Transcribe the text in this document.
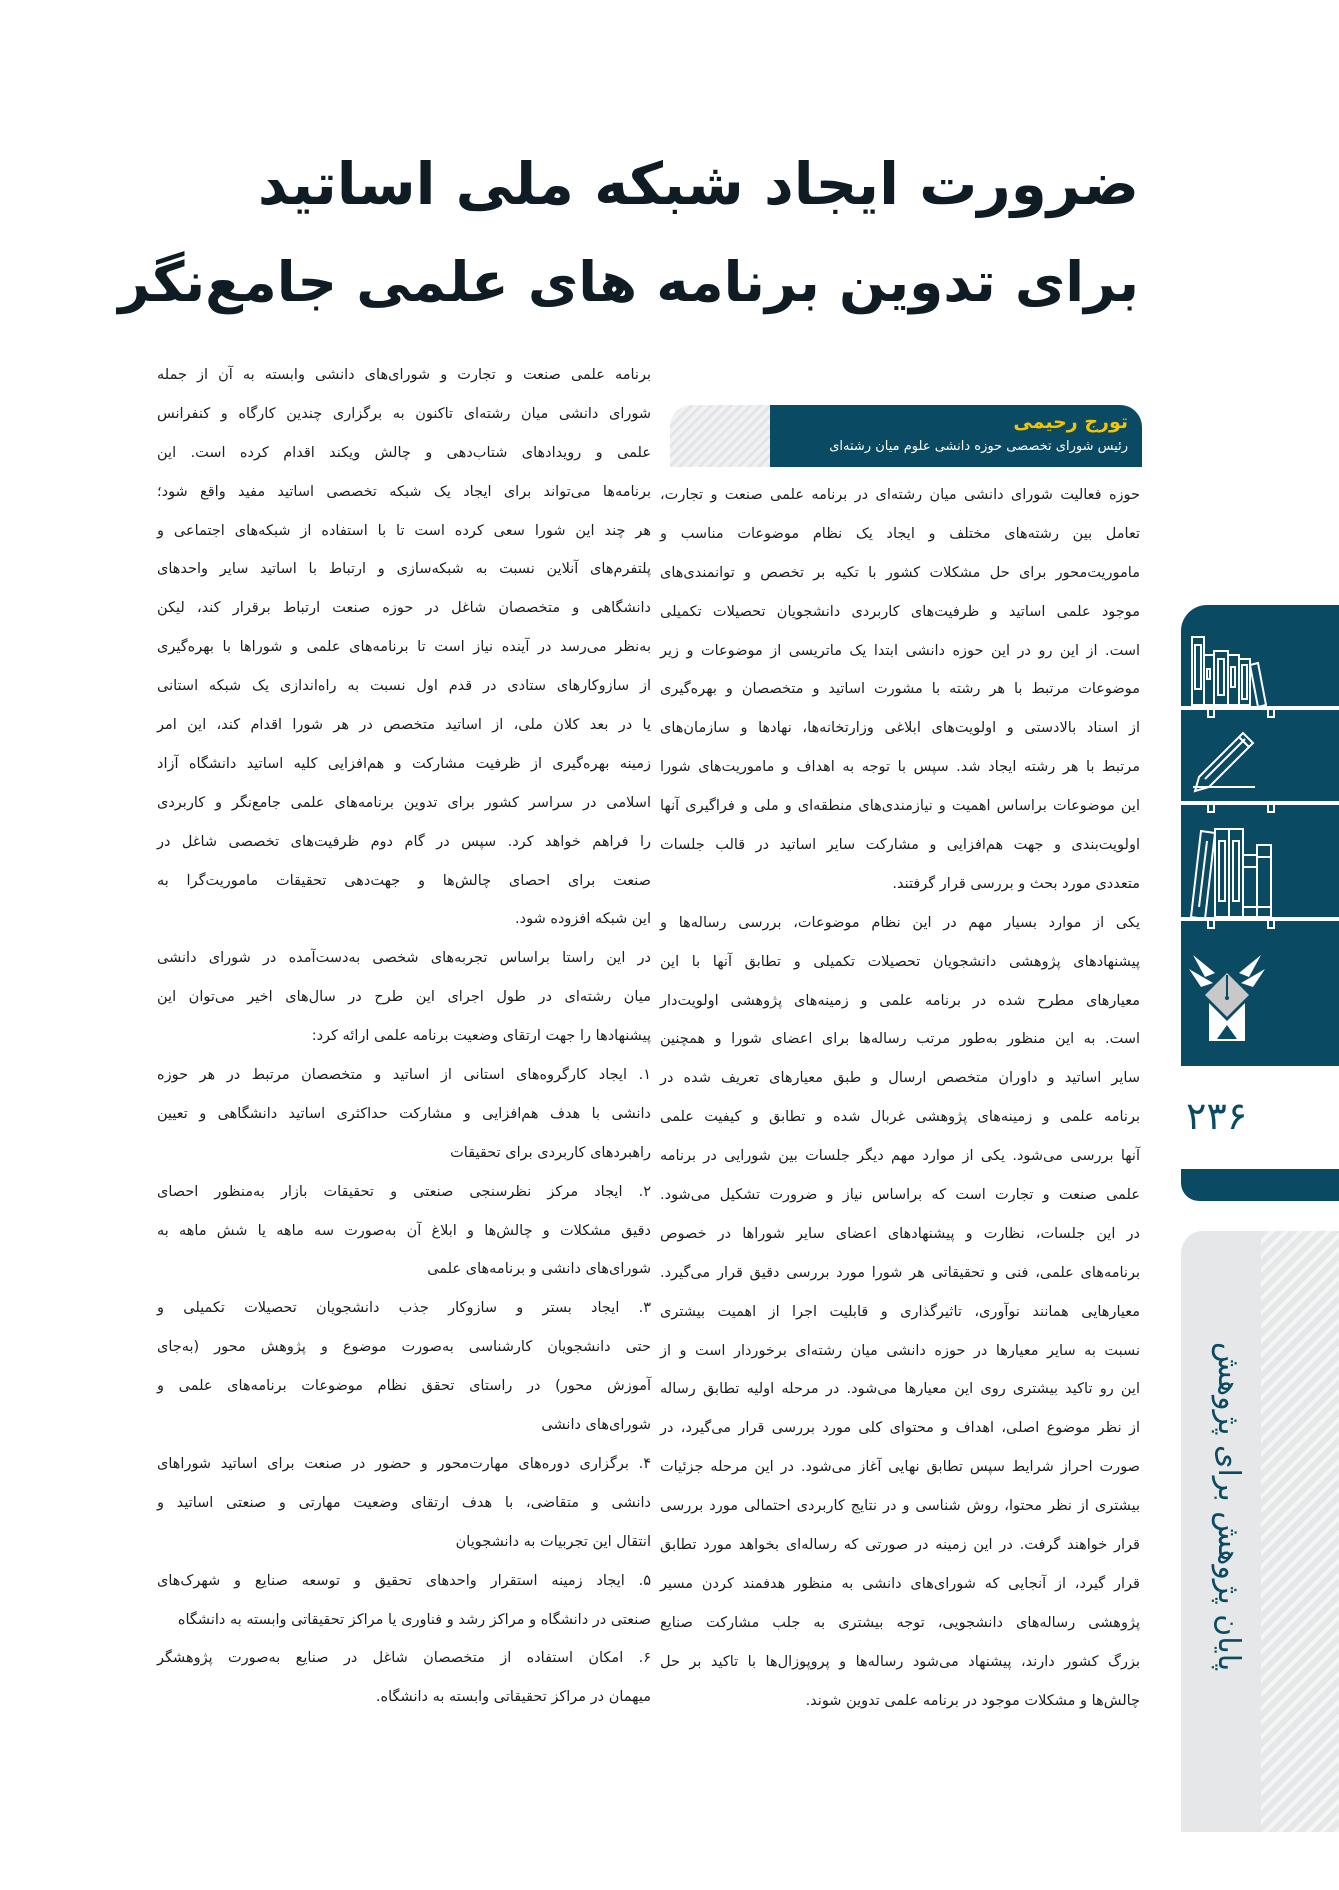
ضرورت ایجاد شبکه ملی اساتید
برای تدوین برنامه های علمی جامع‌نگر
تورج رحیمی
رئیس شورای تخصصی حوزه دانشی علوم میان رشته‌ای
حوزه فعالیت شورای دانشی میان رشته‌ای در برنامه علمی صنعت و تجارت،
تعامل بین رشته‌های مختلف و ایجاد یک نظام موضوعات مناسب و
ماموریت‌محور برای حل مشکلات کشور با تکیه بر تخصص و توانمندی‌های
موجود علمی اساتید و ظرفیت‌های کاربردی دانشجویان تحصیلات تکمیلی
است. از این رو در این حوزه دانشی ابتدا یک ماتریسی از موضوعات و زیر
موضوعات مرتبط با هر رشته با مشورت اساتید و متخصصان و بهره‌گیری
از اسناد بالادستی و اولویت‌های ابلاغی وزارتخانه‌ها، نهادها و سازمان‌های
مرتبط با هر رشته ایجاد شد. سپس با توجه به اهداف و ماموریت‌های شورا
این موضوعات براساس اهمیت و نیازمندی‌های منطقه‌ای و ملی و فراگیری آنها
اولویت‌بندی و جهت هم‌افزایی و مشارکت سایر اساتید در قالب جلسات
متعددی مورد بحث و بررسی قرار گرفتند.
یکی از موارد بسیار مهم در این نظام موضوعات، بررسی رساله‌ها و
پیشنهادهای پژوهشی دانشجویان تحصیلات تکمیلی و تطابق آنها با این
معیارهای مطرح شده در برنامه علمی و زمینه‌های پژوهشی اولویت‌دار
است. به این منظور به‌طور مرتب رساله‌ها برای اعضای شورا و همچنین
سایر اساتید و داوران متخصص ارسال و طبق معیارهای تعریف شده در
برنامه علمی و زمینه‌های پژوهشی غربال شده و تطابق و کیفیت علمی
آنها بررسی می‌شود. یکی از موارد مهم دیگر جلسات بین شورایی در برنامه
علمی صنعت و تجارت است که براساس نیاز و ضرورت تشکیل می‌شود.
در این جلسات، نظارت و پیشنهادهای اعضای سایر شوراها در خصوص
برنامه‌های علمی، فنی و تحقیقاتی هر شورا مورد بررسی دقیق قرار می‌گیرد.
معیارهایی همانند نوآوری، تاثیرگذاری و قابلیت اجرا از اهمیت بیشتری
نسبت به سایر معیارها در حوزه دانشی میان رشته‌ای برخوردار است و از
این رو تاکید بیشتری روی این معیارها می‌شود. در مرحله اولیه تطابق رساله
از نظر موضوع اصلی، اهداف و محتوای کلی مورد بررسی قرار می‌گیرد، در
صورت احراز شرایط سپس تطابق نهایی آغاز می‌شود. در این مرحله جزئیات
بیشتری از نظر محتوا، روش شناسی و در نتایج کاربردی احتمالی مورد بررسی
قرار خواهند گرفت. در این زمینه در صورتی که رساله‌ای بخواهد مورد تطابق
قرار گیرد، از آنجایی که شورای‌های دانشی به منظور هدفمند کردن مسیر
پژوهشی رساله‌های دانشجویی، توجه بیشتری به جلب مشارکت صنایع
بزرگ کشور دارند، پیشنهاد می‌شود رساله‌ها و پروپوزال‌ها با تاکید بر حل
چالش‌ها و مشکلات موجود در برنامه علمی تدوین شوند.
برنامه علمی صنعت و تجارت و شورای‌های دانشی وابسته به آن از جمله
شورای دانشی میان رشته‌ای تاکنون به برگزاری چندین کارگاه و کنفرانس
علمی و رویدادهای شتاب‌دهی و چالش ویکند اقدام کرده است. این
برنامه‌ها می‌تواند برای ایجاد یک شبکه تخصصی اساتید مفید واقع شود؛
هر چند این شورا سعی کرده است تا با استفاده از شبکه‌های اجتماعی و
پلتفرم‌های آنلاین نسبت به شبکه‌سازی و ارتباط با اساتید سایر واحدهای
دانشگاهی و متخصصان شاغل در حوزه صنعت ارتباط برقرار کند، لیکن
به‌نظر می‌رسد در آینده نیاز است تا برنامه‌های علمی و شوراها با بهره‌گیری
از سازوکارهای ستادی در قدم اول نسبت به راه‌اندازی یک شبکه استانی
یا در بعد کلان ملی، از اساتید متخصص در هر شورا اقدام کند، این امر
زمینه بهره‌گیری از ظرفیت مشارکت و هم‌افزایی کلیه اساتید دانشگاه آزاد
اسلامی در سراسر کشور برای تدوین برنامه‌های علمی جامع‌نگر و کاربردی
را فراهم خواهد کرد. سپس در گام دوم ظرفیت‌های تخصصی شاغل در
صنعت برای احصای چالش‌ها و جهت‌دهی تحقیقات ماموریت‌گرا به
این شبکه افزوده شود.
در این راستا براساس تجربه‌های شخصی به‌دست‌آمده در شورای دانشی
میان رشته‌ای در طول اجرای این طرح در سال‌های اخیر می‌توان این
پیشنهادها را جهت ارتقای وضعیت برنامه علمی ارائه کرد:
۱. ایجاد کارگروه‌های استانی از اساتید و متخصصان مرتبط در هر حوزه
دانشی با هدف هم‌افزایی و مشارکت حداکثری اساتید دانشگاهی و تعیین
راهبردهای کاربردی برای تحقیقات
۲. ایجاد مرکز نظرسنجی صنعتی و تحقیقات بازار به‌منظور احصای
دقیق مشکلات و چالش‌ها و ابلاغ آن به‌صورت سه ماهه یا شش ماهه به
شورای‌های دانشی و برنامه‌های علمی
۳. ایجاد بستر و سازوکار جذب دانشجویان تحصیلات تکمیلی و
حتی دانشجویان کارشناسی به‌صورت موضوع و پژوهش محور (به‌جای
آموزش محور) در راستای تحقق نظام موضوعات برنامه‌های علمی و
شورای‌های دانشی
۴. برگزاری دوره‌های مهارت‌محور و حضور در صنعت برای اساتید شوراهای
دانشی و متقاضی، با هدف ارتقای وضعیت مهارتی و صنعتی اساتید و
انتقال این تجربیات به دانشجویان
۵. ایجاد زمینه استقرار واحدهای تحقیق و توسعه صنایع و شهرک‌های
صنعتی در دانشگاه و مراکز رشد و فناوری یا مراکز تحقیقاتی وابسته به دانشگاه
۶. امکان استفاده از متخصصان شاغل در صنایع به‌صورت پژوهشگر
میهمان در مراکز تحقیقاتی وابسته به دانشگاه.
۲۳۶
پایان پژوهش برای پژوهش
